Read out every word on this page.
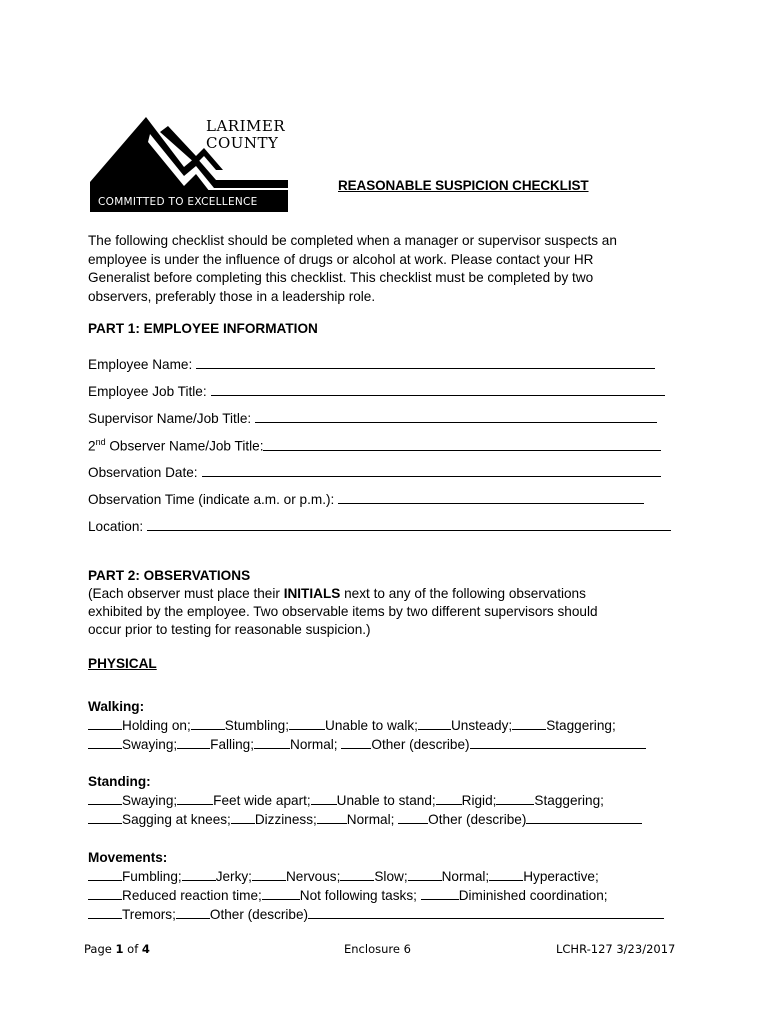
LARIMER
COUNTY
COMMITTED TO EXCELLENCE
REASONABLE SUSPICION CHECKLIST
The following checklist should be completed when a manager or supervisor suspects an
employee is under the influence of drugs or alcohol at work. Please contact your HR
Generalist before completing this checklist. This checklist must be completed by two
observers, preferably those in a leadership role.
PART 1: EMPLOYEE INFORMATION
Employee Name:
Employee Job Title:
Supervisor Name/Job Title:
2nd Observer Name/Job Title:
Observation Date:
Observation Time (indicate a.m. or p.m.):
Location:
PART 2: OBSERVATIONS
(Each observer must place their INITIALS next to any of the following observations
exhibited by the employee. Two observable items by two different supervisors should
occur prior to testing for reasonable suspicion.)
PHYSICAL
Walking:
Holding on;	Stumbling;	Unable to walk; Unsteady;	Staggering;
Swaying; Falling;	Normal; Other (describe)
Standing:
Swaying;	Feet wide apart; Unable to stand; Rigid;	Staggering;
Sagging at knees; Dizziness; Normal; Other (describe)
Movements:
Fumbling;	Jerky;	Nervous;	Slow;	Normal;	Hyperactive;
Reduced reaction time;	Not following tasks;	Diminished coordination;
Tremors;	Other (describe)
Page 1 of 4	Enclosure 6	LCHR-127 3/23/2017
